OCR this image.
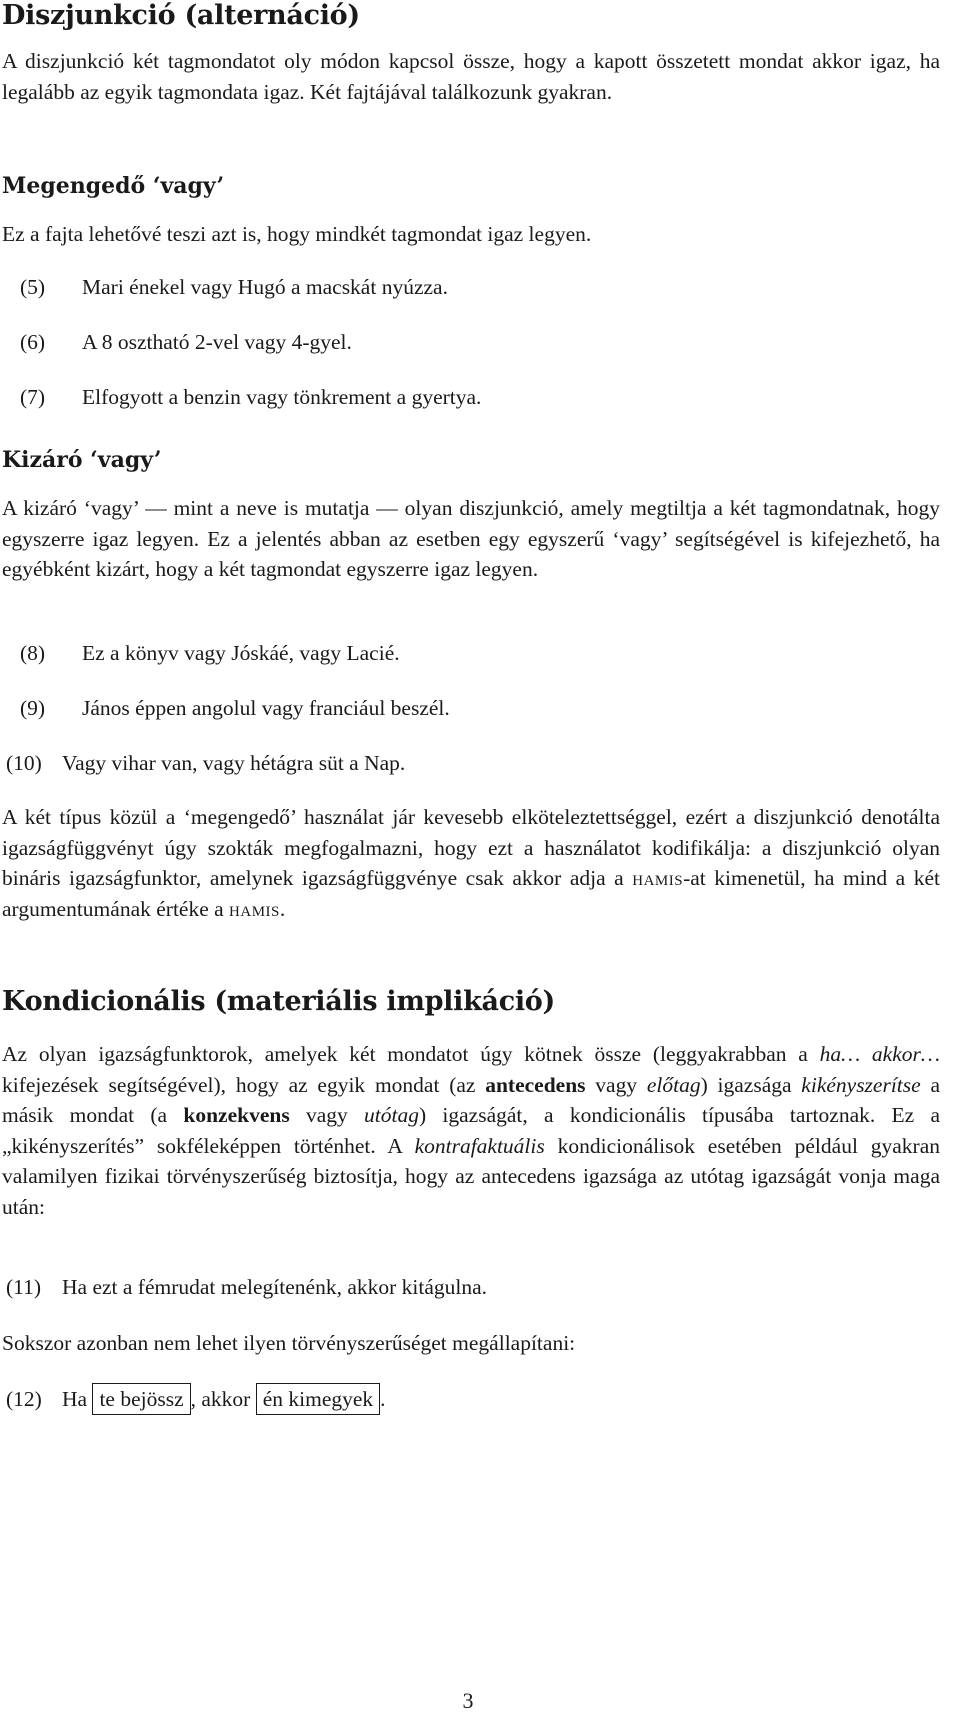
Diszjunkció (alternáció)

A diszjunkció két tagmondatot oly módon kapcsol össze, hogy a kapott összetett mondat akkor igaz, ha legalább az egyik tagmondata igaz. Két fajtájával találkozunk gyakran.

Megengedő ‘vagy’

Ez a fajta lehetővé teszi azt is, hogy mindkét tagmondat igaz legyen.

(5) Mari énekel vagy Hugó a macskát nyúzza.
(6) A 8 osztható 2-vel vagy 4-gyel.
(7) Elfogyott a benzin vagy tönkrement a gyertya.
Kizáró ‘vagy’

A kizáró ‘vagy’ — mint a neve is mutatja — olyan diszjunkció, amely megtiltja a két tagmondatnak, hogy egyszerre igaz legyen. Ez a jelentés abban az esetben egy egyszerű ‘vagy’ segítségével is kifejezhető, ha egyébként kizárt, hogy a két tagmondat egyszerre igaz legyen.

(8) Ez a könyv vagy Jóskáé, vagy Lacié.
(9) János éppen angolul vagy franciául beszél.
(10) Vagy vihar van, vagy hétágra süt a Nap.

A két típus közül a ‘megengedő’ használat jár kevesebb elköteleztettséggel, ezért a diszjunkció denotálta igazságfüggvényt úgy szokták megfogalmazni, hogy ezt a használatot kodifikálja: a diszjunkció olyan bináris igazságfunktor, amelynek igazságfüggvénye csak akkor adja a hamis-at kimenetül, ha mind a két argumentumának értéke a hamis.

Kondicionális (materiális implikáció)

Az olyan igazságfunktorok, amelyek két mondatot úgy kötnek össze (leggyakrabban a ha… akkor… kifejezések segítségével), hogy az egyik mondat (az antecedens vagy előtag) igazsága kikényszerítse a másik mondat (a konzekvens vagy utótag) igazságát, a kondicionális típusába tartoznak. Ez a „kikényszerítés” sokféleképpen történhet. A kontrafaktuális kondicionálisok esetében például gyakran valamilyen fizikai törvényszerűség biztosítja, hogy az antecedens igazsága az utótag igazságát vonja maga után:

(11) Ha ezt a fémrudat melegítenénk, akkor kitágulna.

Sokszor azonban nem lehet ilyen törvényszerűséget megállapítani:

(12) Ha te bejössz , akkor én kimegyek .
3
